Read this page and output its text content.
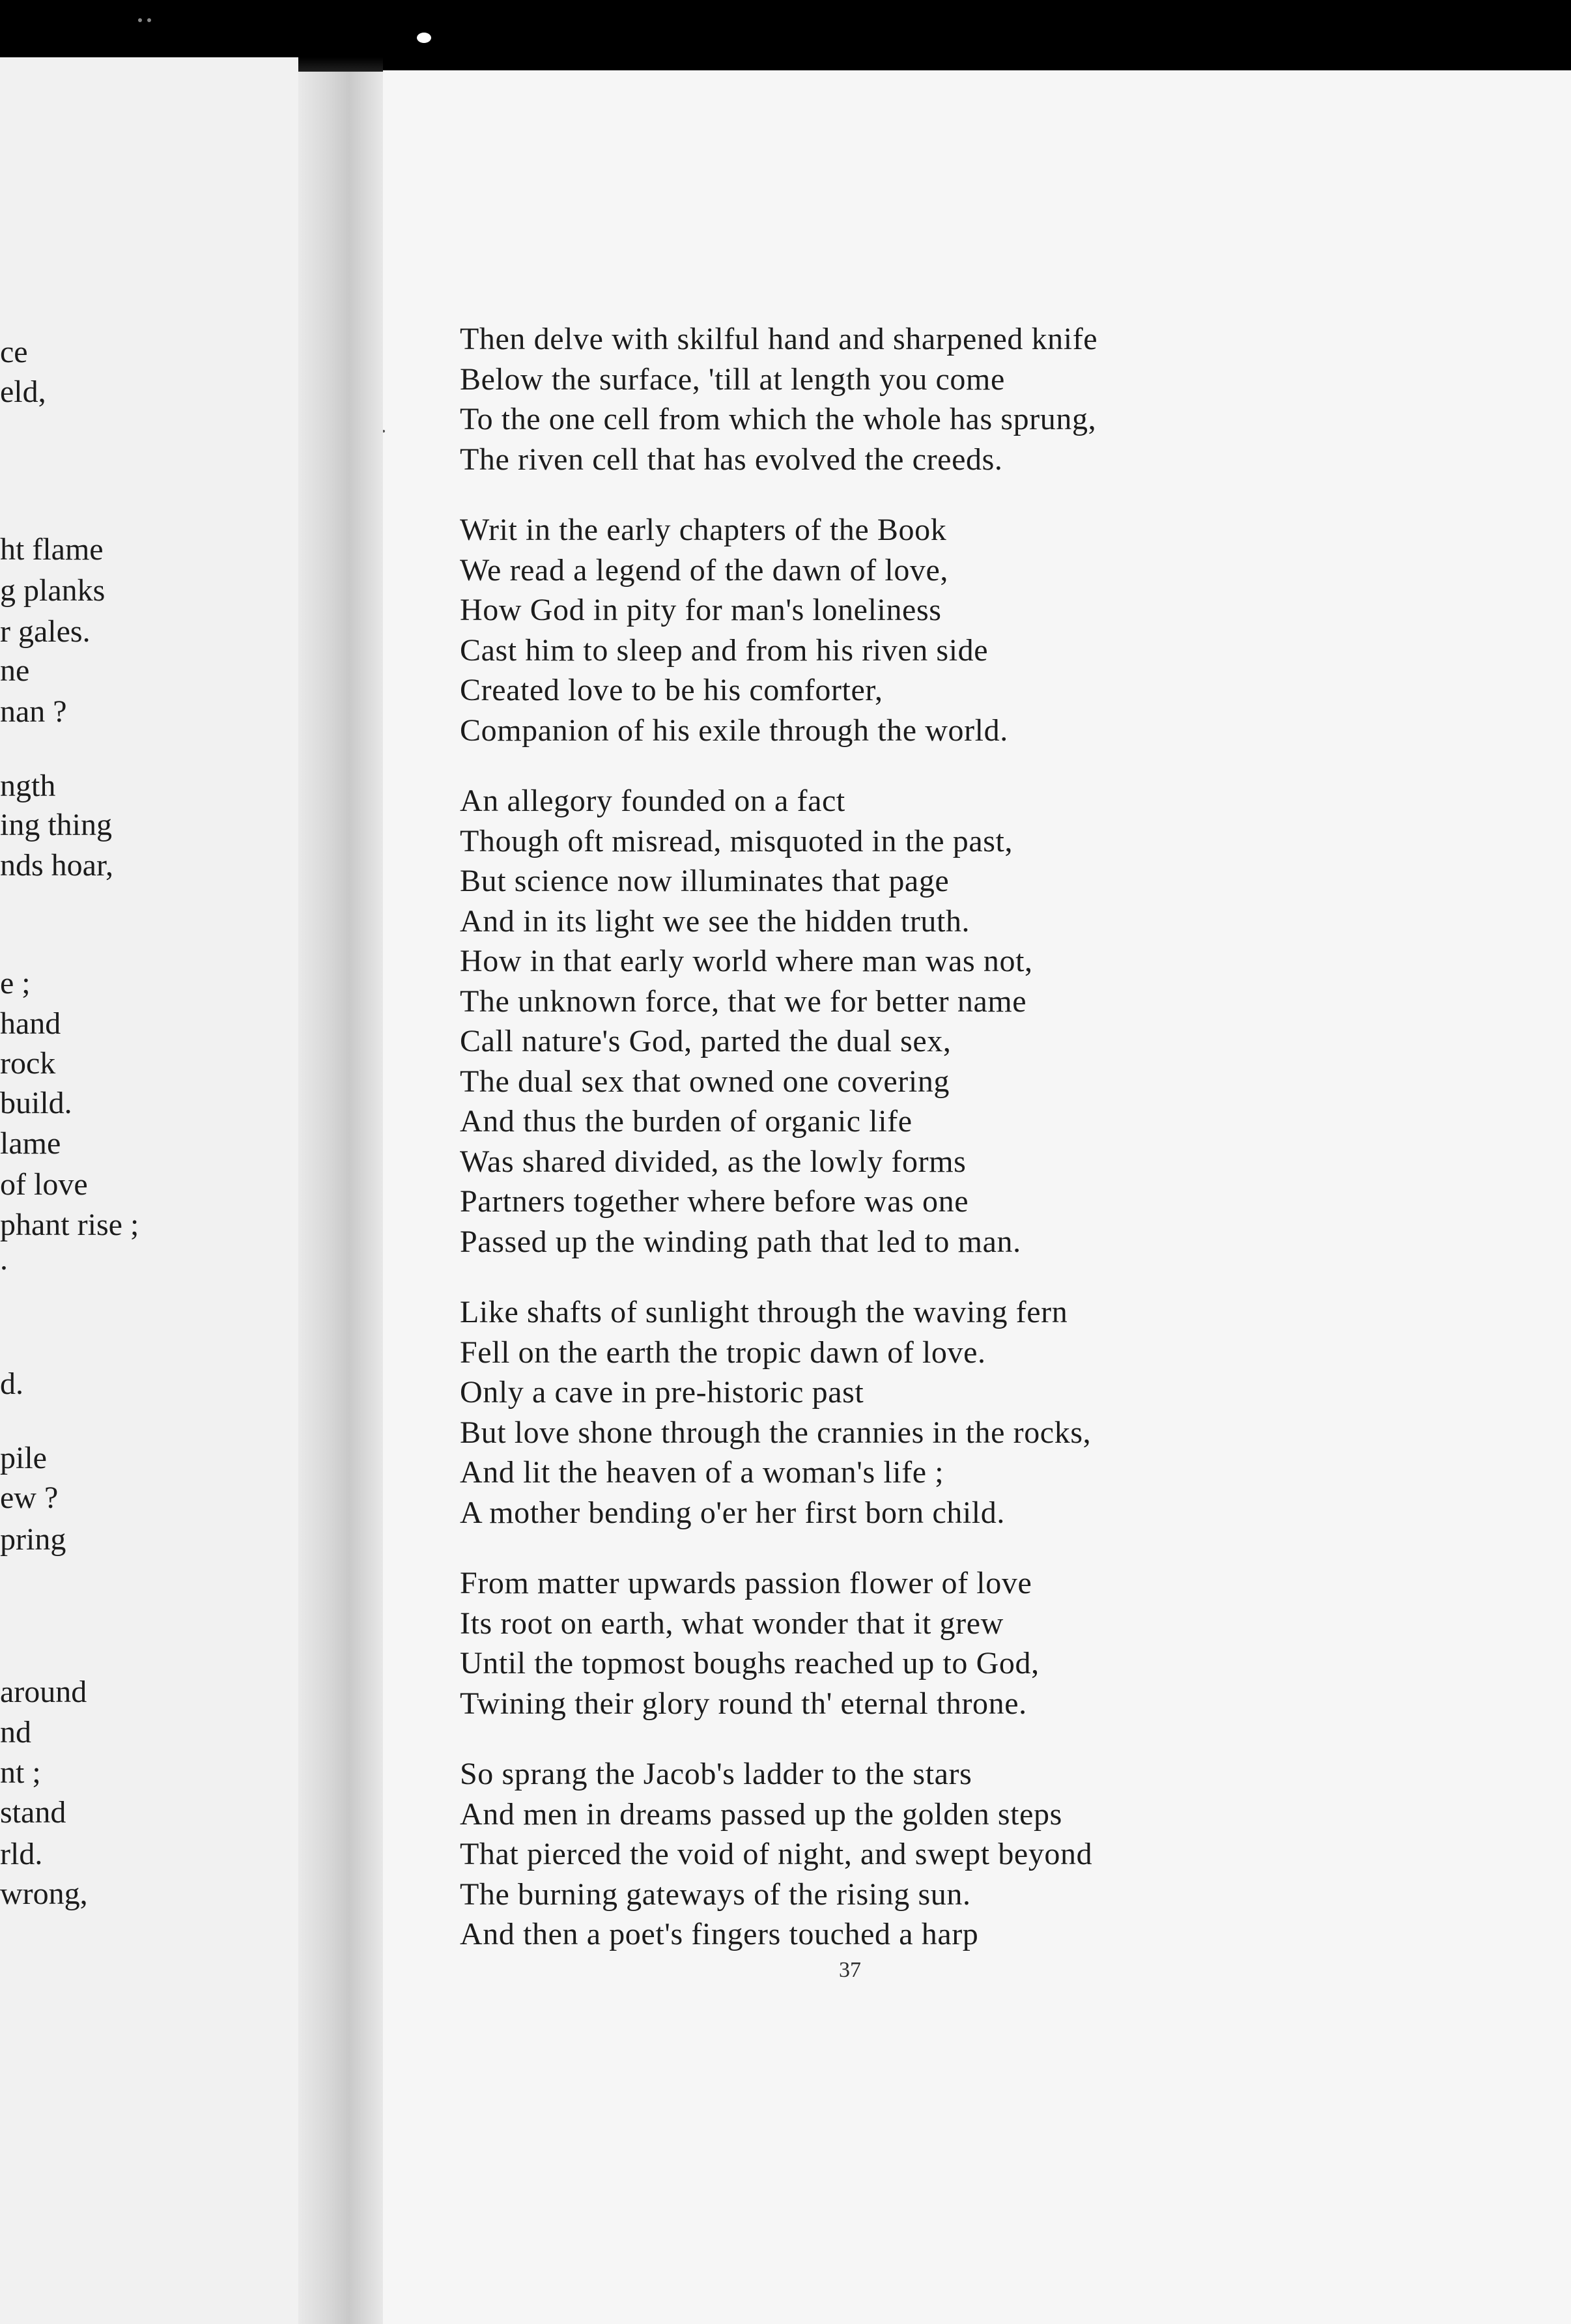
ce
eld,
ht flame
g planks
r gales.
ne
nan ?
ngth
ing thing
nds hoar,
e ;
hand
rock
build.
lame
of love
phant rise ;
.
d.
pile
ew ?
pring
around
nd
nt ;
stand
rld.
wrong,
Then delve with skilful hand and sharpened knife
Below the surface, 'till at length you come
To the one cell from which the whole has sprung,
The riven cell that has evolved the creeds.
Writ in the early chapters of the Book
We read a legend of the dawn of love,
How God in pity for man's loneliness
Cast him to sleep and from his riven side
Created love to be his comforter,
Companion of his exile through the world.
An allegory founded on a fact
Though oft misread, misquoted in the past,
But science now illuminates that page
And in its light we see the hidden truth.
How in that early world where man was not,
The unknown force, that we for better name
Call nature's God, parted the dual sex,
The dual sex that owned one covering
And thus the burden of organic life
Was shared divided, as the lowly forms
Partners together where before was one
Passed up the winding path that led to man.
Like shafts of sunlight through the waving fern
Fell on the earth the tropic dawn of love.
Only a cave in pre-historic past
But love shone through the crannies in the rocks,
And lit the heaven of a woman's life ;
A mother bending o'er her first born child.
From matter upwards passion flower of love
Its root on earth, what wonder that it grew
Until the topmost boughs reached up to God,
Twining their glory round th' eternal throne.
So sprang the Jacob's ladder to the stars
And men in dreams passed up the golden steps
That pierced the void of night, and swept beyond
The burning gateways of the rising sun.
And then a poet's fingers touched a harp
37
